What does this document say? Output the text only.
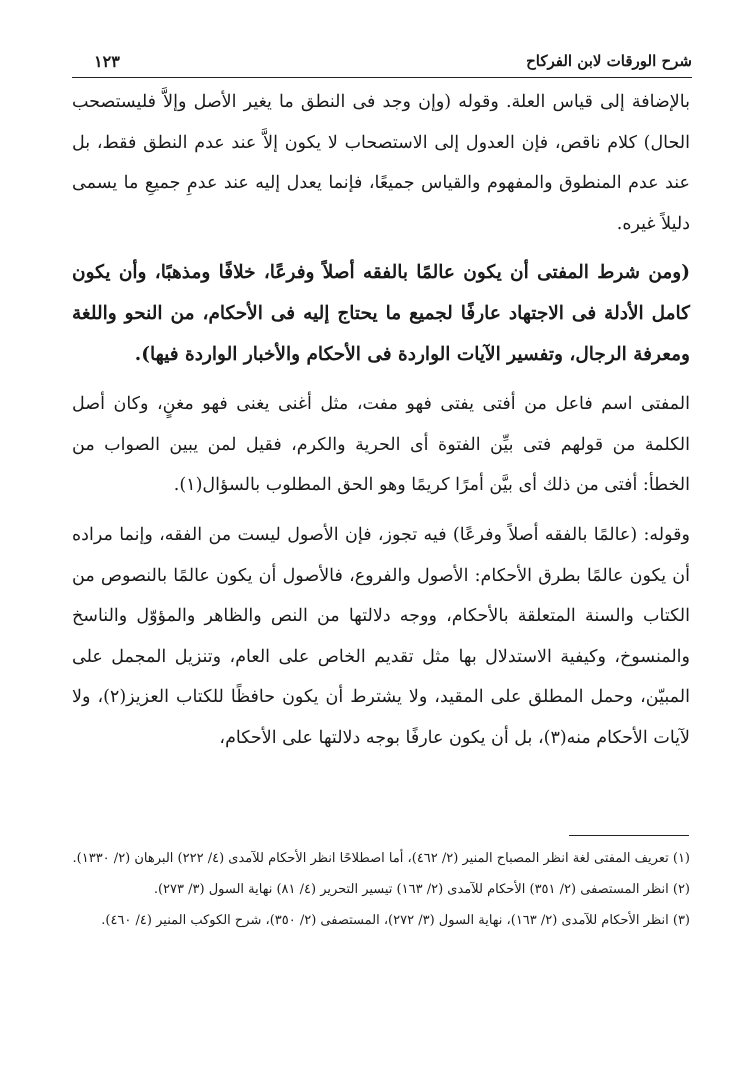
شرح الورقات لابن الفركاح
١٢٣

بالإضافة إلى قياس العلة. وقوله (وإن وجد فى النطق ما يغير الأصل وإلاَّ فليستصحب الحال) كلام ناقص، فإن العدول إلى الاستصحاب لا يكون إلاَّ عند عدم النطق فقط، بل عند عدم المنطوق والمفهوم والقياس جميعًا، فإنما يعدل إليه عند عدمِ جميعِ ما يسمى دليلاً غيره.

(ومن شرط المفتى أن يكون عالمًا بالفقه أصلاً وفرعًا، خلافًا ومذهبًا، وأن يكون كامل الأدلة فى الاجتهاد عارفًا لجميع ما يحتاج إليه فى الأحكام، من النحو واللغة ومعرفة الرجال، وتفسير الآيات الواردة فى الأحكام والأخبار الواردة فيها).

المفتى اسم فاعل من أفتى يفتى فهو مفت، مثل أغنى يغنى فهو مغنٍ، وكان أصل الكلمة من قولهم فتى بيِّن الفتوة أى الحرية والكرم، فقيل لمن يبين الصواب من الخطأ: أفتى من ذلك أى بيَّن أمرًا كريمًا وهو الحق المطلوب بالسؤال(١).

وقوله: (عالمًا بالفقه أصلاً وفرعًا) فيه تجوز، فإن الأصول ليست من الفقه، وإنما مراده أن يكون عالمًا بطرق الأحكام: الأصول والفروع، فالأصول أن يكون عالمًا بالنصوص من الكتاب والسنة المتعلقة بالأحكام، ووجه دلالتها من النص والظاهر والمؤوّل والناسخ والمنسوخ، وكيفية الاستدلال بها مثل تقديم الخاص على العام، وتنزيل المجمل على المبيّن، وحمل المطلق على المقيد، ولا يشترط أن يكون حافظًا للكتاب العزيز(٢)، ولا لآيات الأحكام منه(٣)، بل أن يكون عارفًا بوجه دلالتها على الأحكام،

(١) تعريف المفتى لغة انظر المصباح المنير (٢/ ٤٦٢)، أما اصطلاحًا انظر الأحكام للآمدى (٤/ ٢٢٢) البرهان (٢/ ١٣٣٠).

(٢) انظر المستصفى (٢/ ٣٥١) الأحكام للآمدى (٢/ ١٦٣) تيسير التحرير (٤/ ٨١) نهاية السول (٣/ ٢٧٣).

(٣) انظر الأحكام للآمدى (٢/ ١٦٣)، نهاية السول (٣/ ٢٧٢)، المستصفى (٢/ ٣٥٠)، شرح الكوكب المنير (٤/ ٤٦٠).
